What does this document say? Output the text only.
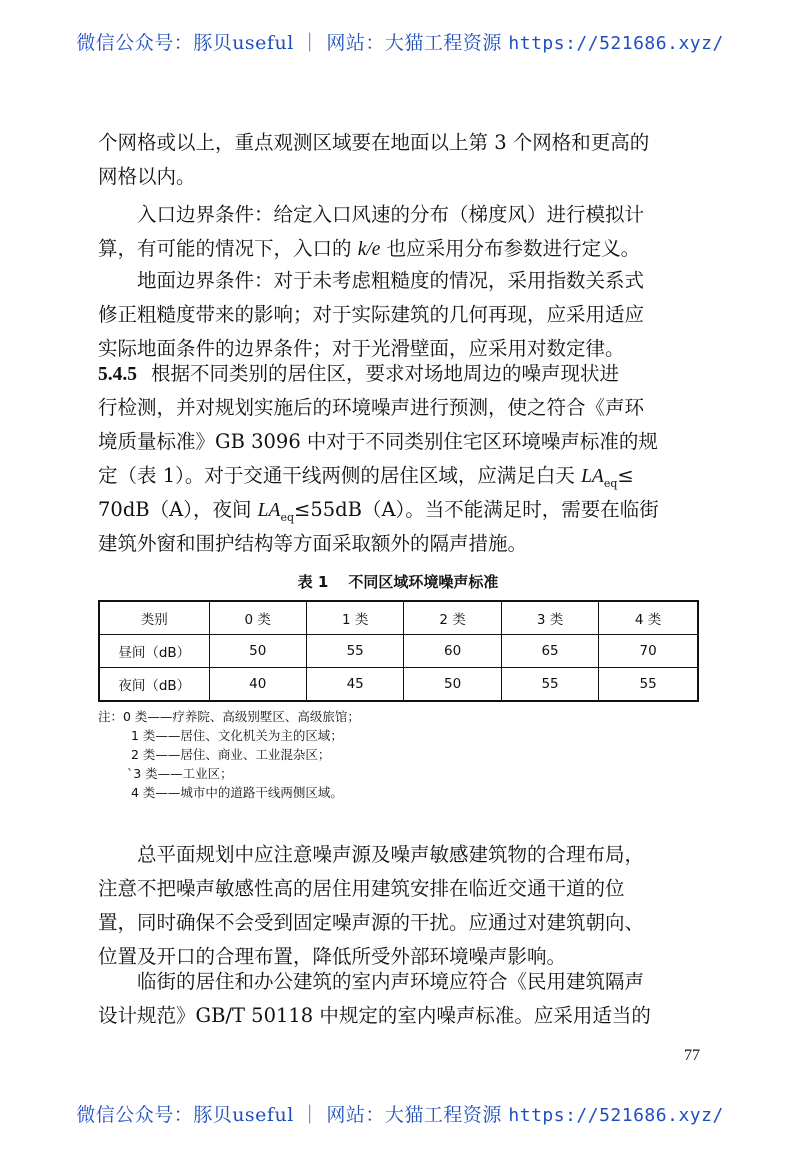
微信公众号：豚贝useful ｜ 网站：大猫工程资源 https://521686.xyz/
个网格或以上，重点观测区域要在地面以上第 3 个网格和更高的
网格以内。
入口边界条件：给定入口风速的分布（梯度风）进行模拟计
算，有可能的情况下，入口的 k/e 也应采用分布参数进行定义。
地面边界条件：对于未考虑粗糙度的情况，采用指数关系式
修正粗糙度带来的影响；对于实际建筑的几何再现，应采用适应
实际地面条件的边界条件；对于光滑壁面，应采用对数定律。
5.4.5 根据不同类别的居住区，要求对场地周边的噪声现状进
行检测，并对规划实施后的环境噪声进行预测，使之符合《声环
境质量标准》GB 3096 中对于不同类别住宅区环境噪声标准的规
定（表 1）。对于交通干线两侧的居住区域，应满足白天 $LA_{eq}\le$
70dB（A），夜间 $LA_{eq}\le 55dB(A)$。当不能满足时，需要在临街
建筑外窗和围护结构等方面采取额外的隔声措施。
表 1 不同区域环境噪声标准
类别	0 类	1 类	2 类	3 类	4 类
昼间（dB）	50	55	60	65	70
夜间（dB）	40	45	50	55	55
注：0 类——疗养院、高级别墅区、高级旅馆；
1 类——居住、文化机关为主的区域；
2 类——居住、商业、工业混杂区；
`3 类——工业区；
4 类——城市中的道路干线两侧区域。
总平面规划中应注意噪声源及噪声敏感建筑物的合理布局，
注意不把噪声敏感性高的居住用建筑安排在临近交通干道的位
置，同时确保不会受到固定噪声源的干扰。应通过对建筑朝向、
位置及开口的合理布置，降低所受外部环境噪声影响。
临街的居住和办公建筑的室内声环境应符合《民用建筑隔声
设计规范》GB/T 50118 中规定的室内噪声标准。应采用适当的
77
微信公众号：豚贝useful ｜ 网站：大猫工程资源 https://521686.xyz/
